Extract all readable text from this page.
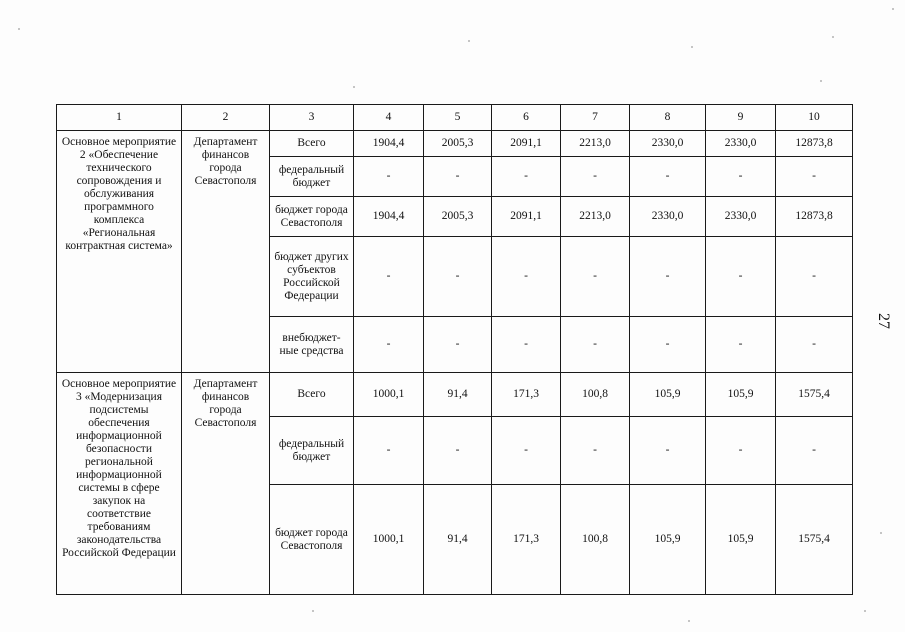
1	2	3	4	5	6	7	8	9	10
Основное мероприятие 2 «Обеспечение технического сопровождения и обслуживания программного комплекса «Региональная контрактная система»	Департамент финансов города Севастополя	Всего	1904,4	2005,3	2091,1	2213,0	2330,0	2330,0	12873,8
		федеральный бюджет	-	-	-	-	-	-	-
		бюджет города Севастополя	1904,4	2005,3	2091,1	2213,0	2330,0	2330,0	12873,8
		бюджет других субъектов Российской Федерации	-	-	-	-	-	-	-
		внебюджет-ные средства	-	-	-	-	-	-	-
Основное мероприятие 3 «Модернизация подсистемы обеспечения информационной безопасности региональной информационной системы в сфере закупок на соответствие требованиям законодательства Российской Федерации	Департамент финансов города Севастополя	Всего	1000,1	91,4	171,3	100,8	105,9	105,9	1575,4
		федеральный бюджет	-	-	-	-	-	-	-
		бюджет города Севастополя	1000,1	91,4	171,3	100,8	105,9	105,9	1575,4
27
